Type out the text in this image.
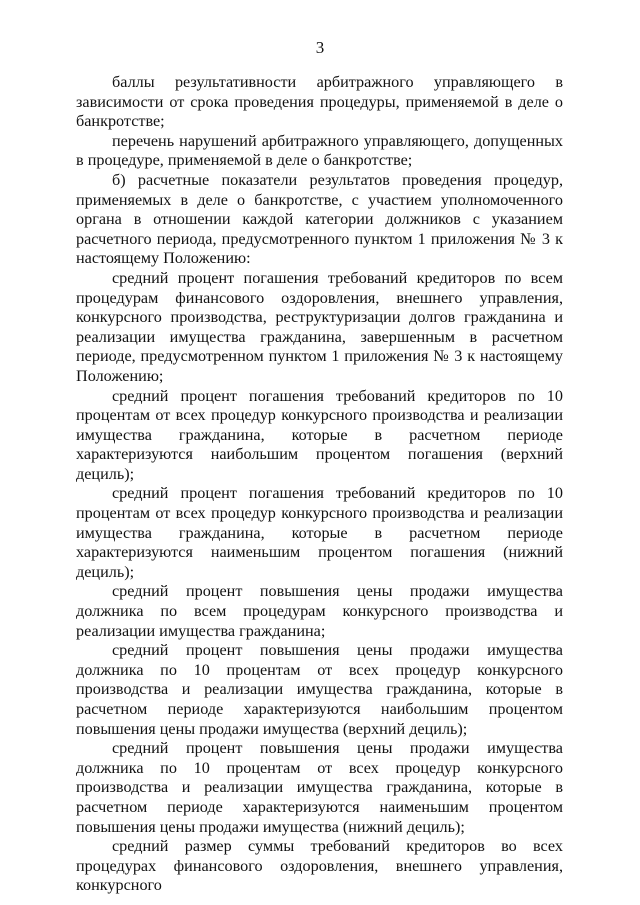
3

баллы результативности арбитражного управляющего в зависимости от срока проведения процедуры, применяемой в деле о банкротстве;

перечень нарушений арбитражного управляющего, допущенных в процедуре, применяемой в деле о банкротстве;

б) расчетные показатели результатов проведения процедур, применяемых в деле о банкротстве, с участием уполномоченного органа в отношении каждой категории должников с указанием расчетного периода, предусмотренного пунктом 1 приложения № 3 к настоящему Положению:

средний процент погашения требований кредиторов по всем процедурам финансового оздоровления, внешнего управления, конкурсного производства, реструктуризации долгов гражданина и реализации имущества гражданина, завершенным в расчетном периоде, предусмотренном пунктом 1 приложения № 3 к настоящему Положению;

средний процент погашения требований кредиторов по 10 процентам от всех процедур конкурсного производства и реализации имущества гражданина, которые в расчетном периоде характеризуются наибольшим процентом погашения (верхний дециль);

средний процент погашения требований кредиторов по 10 процентам от всех процедур конкурсного производства и реализации имущества гражданина, которые в расчетном периоде характеризуются наименьшим процентом погашения (нижний дециль);

средний процент повышения цены продажи имущества должника по всем процедурам конкурсного производства и реализации имущества гражданина;

средний процент повышения цены продажи имущества должника по 10 процентам от всех процедур конкурсного производства и реализации имущества гражданина, которые в расчетном периоде характеризуются наибольшим процентом повышения цены продажи имущества (верхний дециль);

средний процент повышения цены продажи имущества должника по 10 процентам от всех процедур конкурсного производства и реализации имущества гражданина, которые в расчетном периоде характеризуются наименьшим процентом повышения цены продажи имущества (нижний дециль);

средний размер суммы требований кредиторов во всех процедурах финансового оздоровления, внешнего управления, конкурсного
